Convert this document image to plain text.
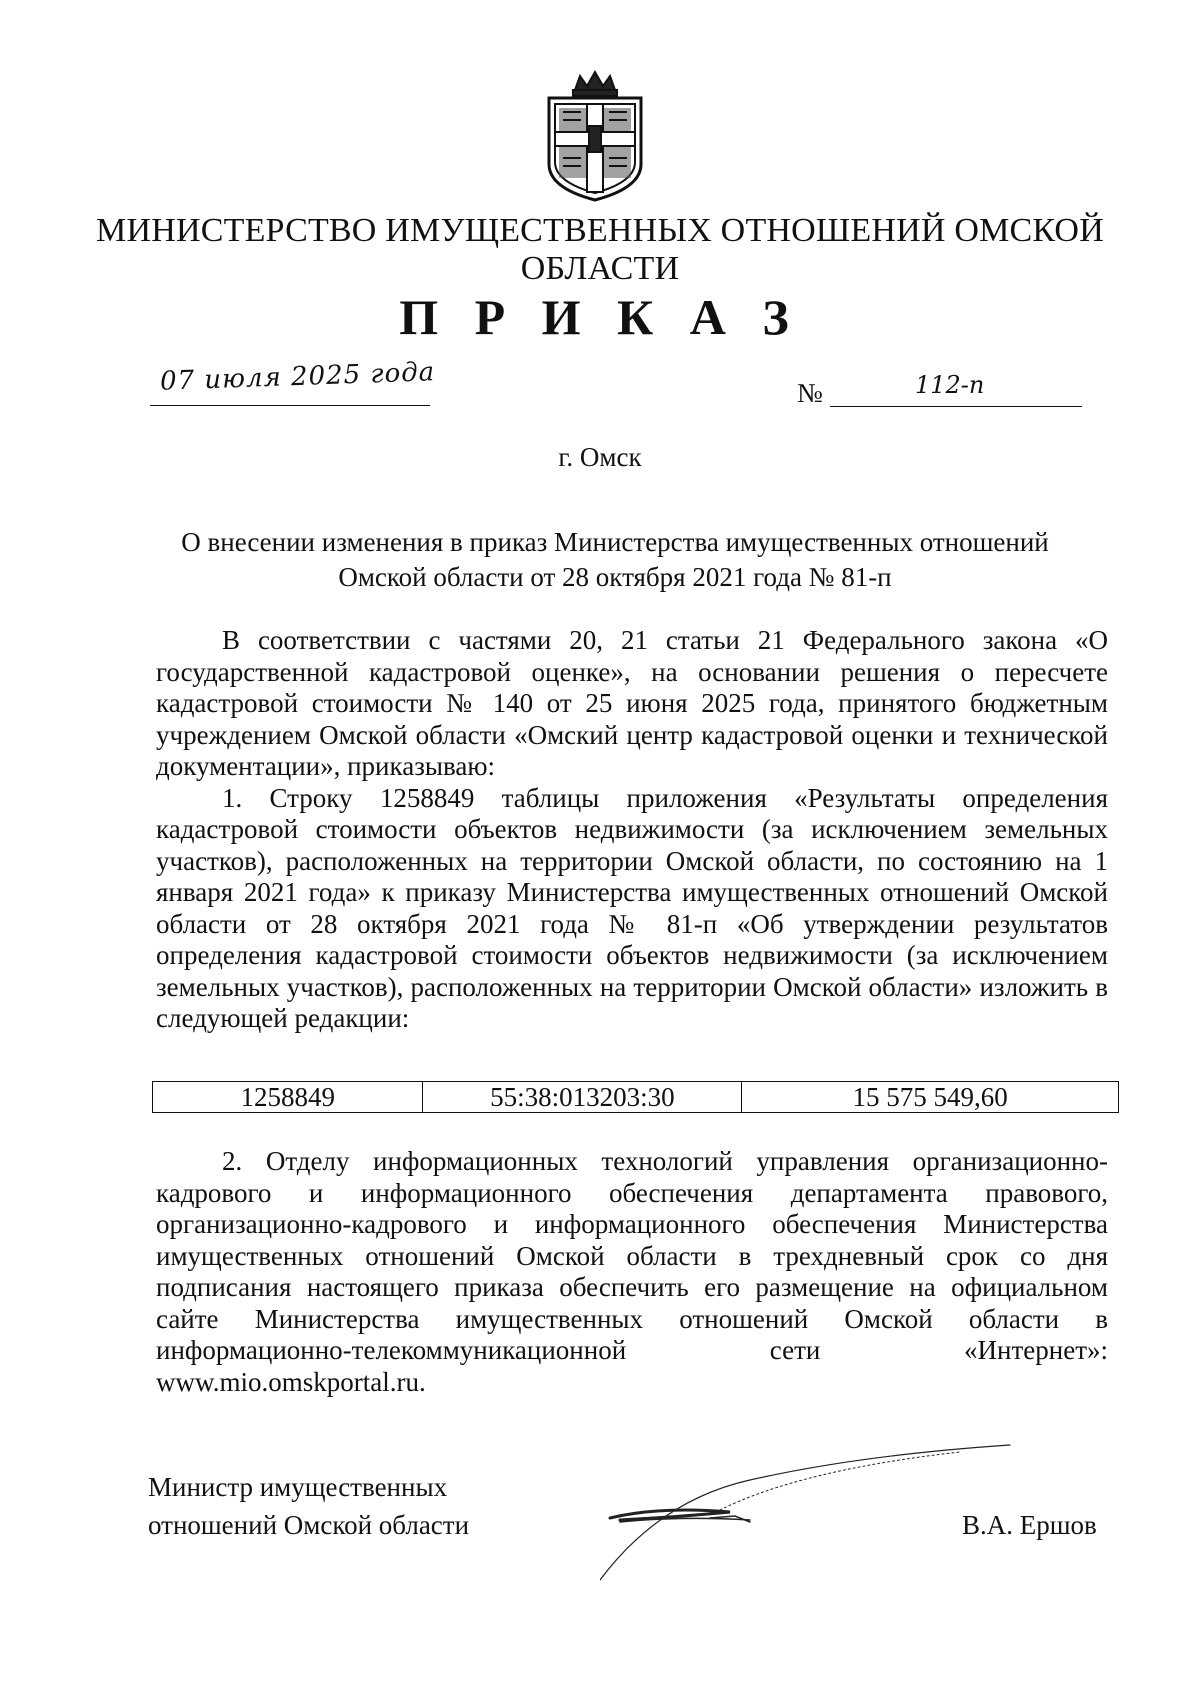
МИНИСТЕРСТВО ИМУЩЕСТВЕННЫХ ОТНОШЕНИЙ ОМСКОЙ ОБЛАСТИ
П Р И К А З
07 июля 2025 года	№	112-п
г. Омск
О внесении изменения в приказ Министерства имущественных отношений
Омской области от 28 октября 2021 года № 81-п

В соответствии с частями 20, 21 статьи 21 Федерального закона «О государственной кадастровой оценке», на основании решения о пересчете кадастровой стоимости № 140 от 25 июня 2025 года, принятого бюджетным учреждением Омской области «Омский центр кадастровой оценки и технической документации», приказываю:

1. Строку 1258849 таблицы приложения «Результаты определения кадастровой стоимости объектов недвижимости (за исключением земельных участков), расположенных на территории Омской области, по состоянию на 1 января 2021 года» к приказу Министерства имущественных отношений Омской области от 28 октября 2021 года № 81-п «Об утверждении результатов определения кадастровой стоимости объектов недвижимости (за исключением земельных участков), расположенных на территории Омской области» изложить в следующей редакции:

1258849	55:38:013203:30	15 575 549,60

2. Отделу информационных технологий управления организационно-кадрового и информационного обеспечения департамента правового, организационно-кадрового и информационного обеспечения Министерства имущественных отношений Омской области в трехдневный срок со дня подписания настоящего приказа обеспечить его размещение на официальном сайте Министерства имущественных отношений Омской области в информационно-телекоммуникационной сети «Интернет»: www.mio.omskportal.ru.

Министр имущественных
отношений Омской области	В.А. Ершов
